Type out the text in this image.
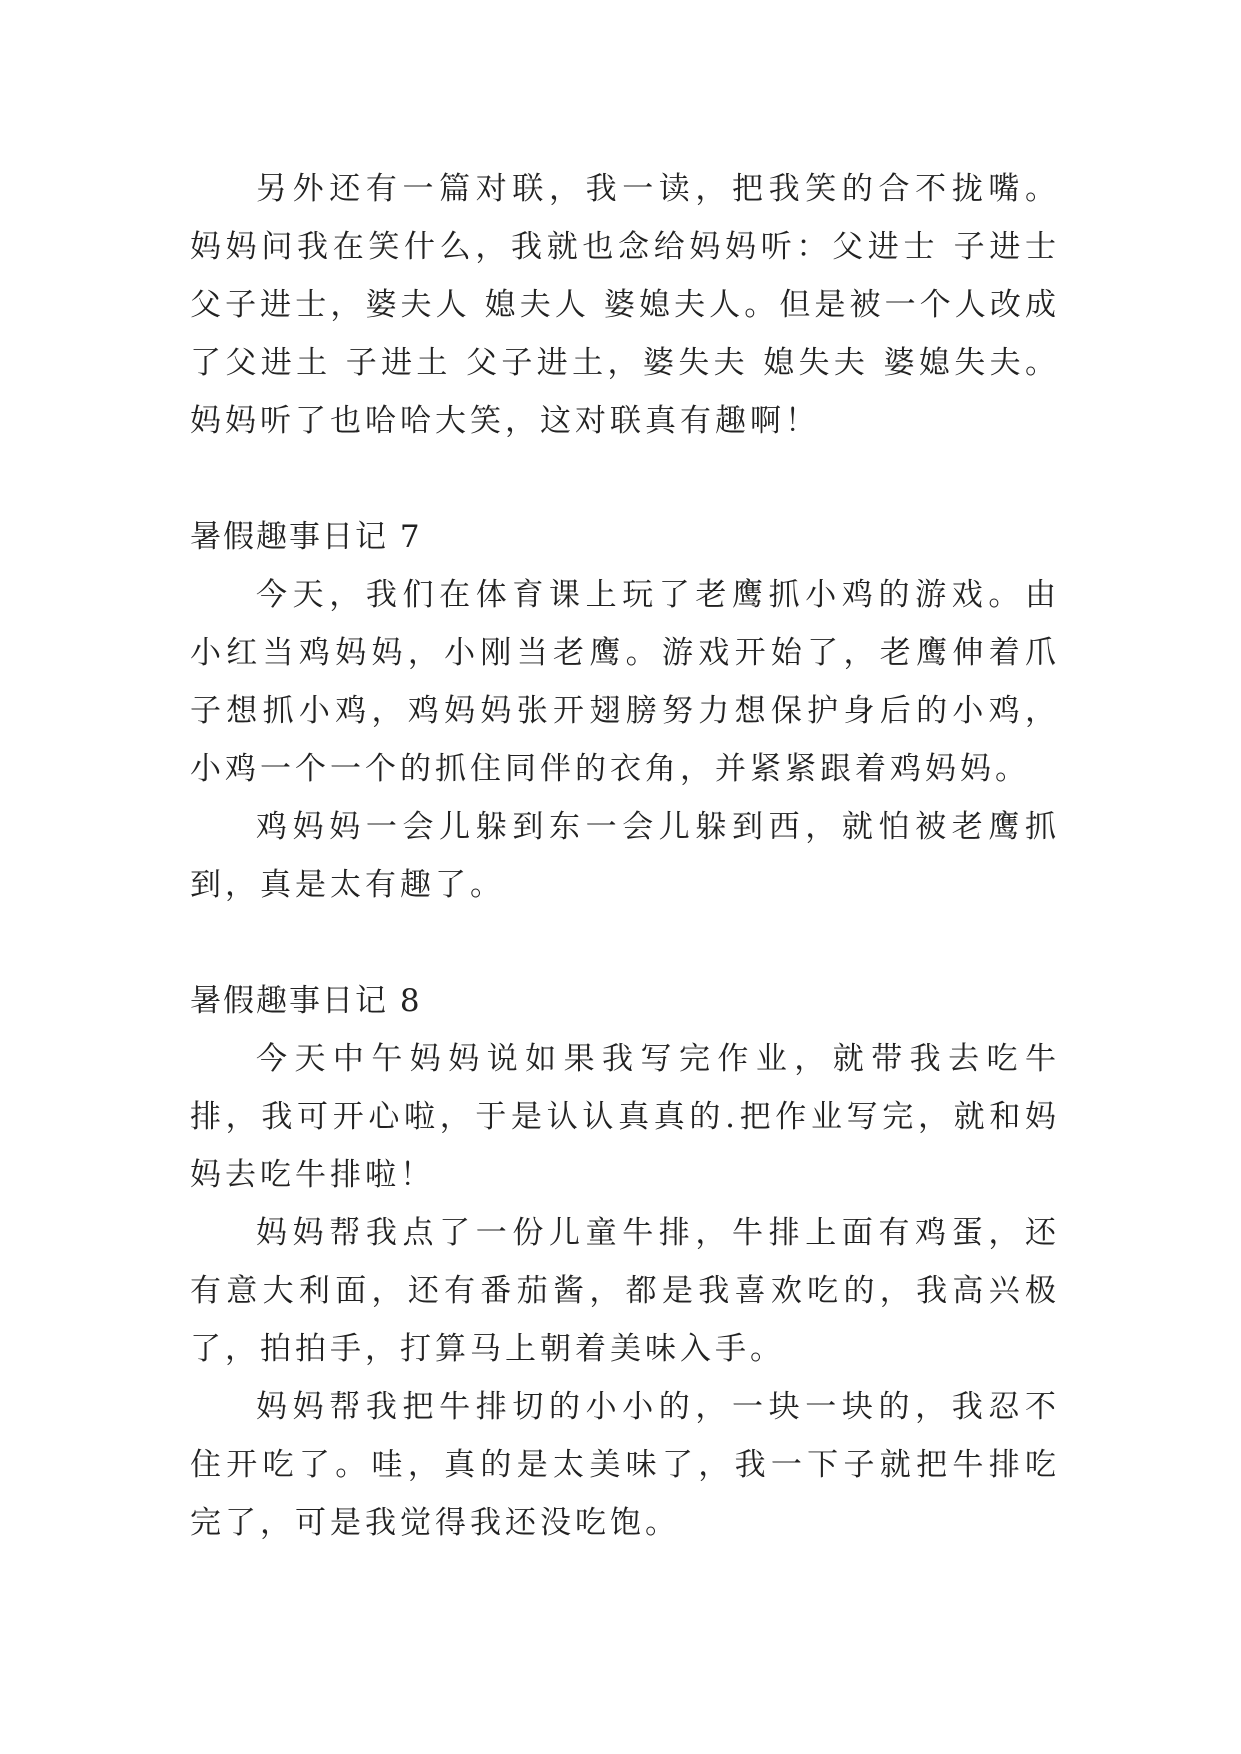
另外还有一篇对联，我一读，把我笑的合不拢嘴。妈妈问我在笑什么，我就也念给妈妈听：父进士 子进士 父子进士，婆夫人 媳夫人 婆媳夫人。但是被一个人改成了父进土 子进土 父子进土，婆失夫 媳失夫 婆媳失夫。妈妈听了也哈哈大笑，这对联真有趣啊！

暑假趣事日记 7

今天，我们在体育课上玩了老鹰抓小鸡的游戏。由小红当鸡妈妈，小刚当老鹰。游戏开始了，老鹰伸着爪子想抓小鸡，鸡妈妈张开翅膀努力想保护身后的小鸡，小鸡一个一个的抓住同伴的衣角，并紧紧跟着鸡妈妈。

鸡妈妈一会儿躲到东一会儿躲到西，就怕被老鹰抓到，真是太有趣了。

暑假趣事日记 8

今天中午妈妈说如果我写完作业，就带我去吃牛排，我可开心啦，于是认认真真的.把作业写完，就和妈妈去吃牛排啦！

妈妈帮我点了一份儿童牛排，牛排上面有鸡蛋，还有意大利面，还有番茄酱，都是我喜欢吃的，我高兴极了，拍拍手，打算马上朝着美味入手。

妈妈帮我把牛排切的小小的，一块一块的，我忍不住开吃了。哇，真的是太美味了，我一下子就把牛排吃完了，可是我觉得我还没吃饱。
